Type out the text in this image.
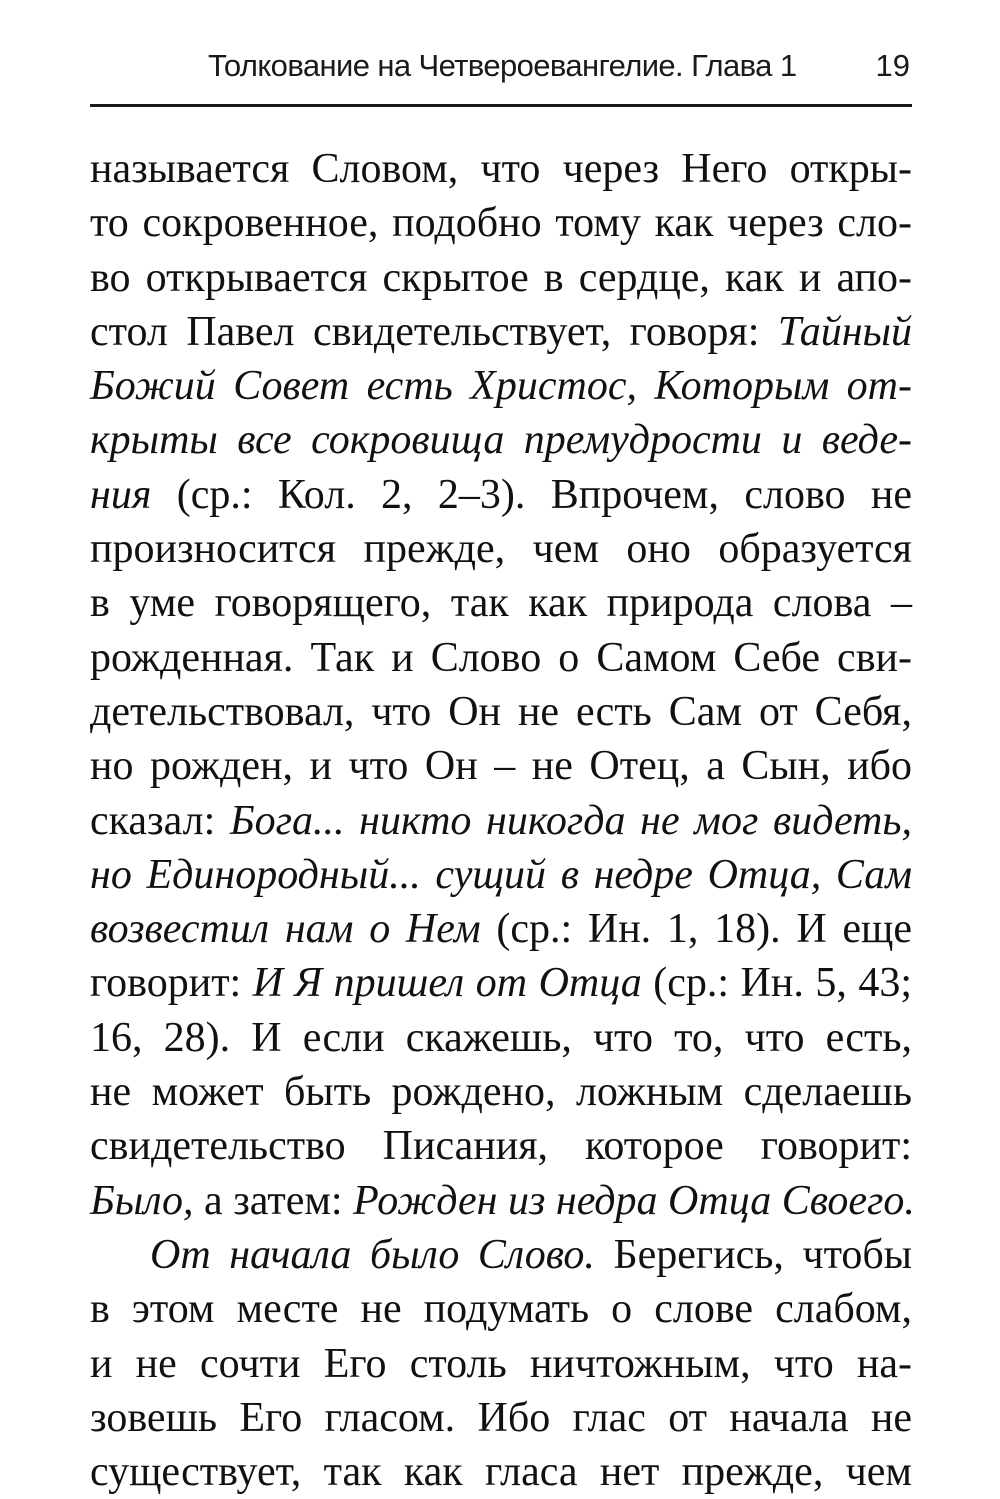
Толкование на Четвероевангелие. Глава 1	19
называется Словом, что через Него откры-
то сокровенное, подобно тому как через сло-
во открывается скрытое в сердце, как и апо-
стол Павел свидетельствует, говоря: Тайный
Божий Совет есть Христос, Которым от-
крыты все сокровища премудрости и веде-
ния (ср.: Кол. 2, 2–3). Впрочем, слово не
произносится прежде, чем оно образуется
в уме говорящего, так как природа слова –
рожденная. Так и Слово о Самом Себе сви-
детельствовал, что Он не есть Сам от Себя,
но рожден, и что Он – не Отец, а Сын, ибо
сказал: Бога... никто никогда не мог видеть,
но Единородный... сущий в недре Отца, Сам
возвестил нам о Нем (ср.: Ин. 1, 18). И еще
говорит: И Я пришел от Отца (ср.: Ин. 5, 43;
16, 28). И если скажешь, что то, что есть,
не может быть рождено, ложным сделаешь
свидетельство Писания, которое говорит:
Было, а затем: Рожден из недра Отца Своего.
От начала было Слово. Берегись, чтобы
в этом месте не подумать о слове слабом,
и не сочти Его столь ничтожным, что на-
зовешь Его гласом. Ибо глас от начала не
существует, так как гласа нет прежде, чем
